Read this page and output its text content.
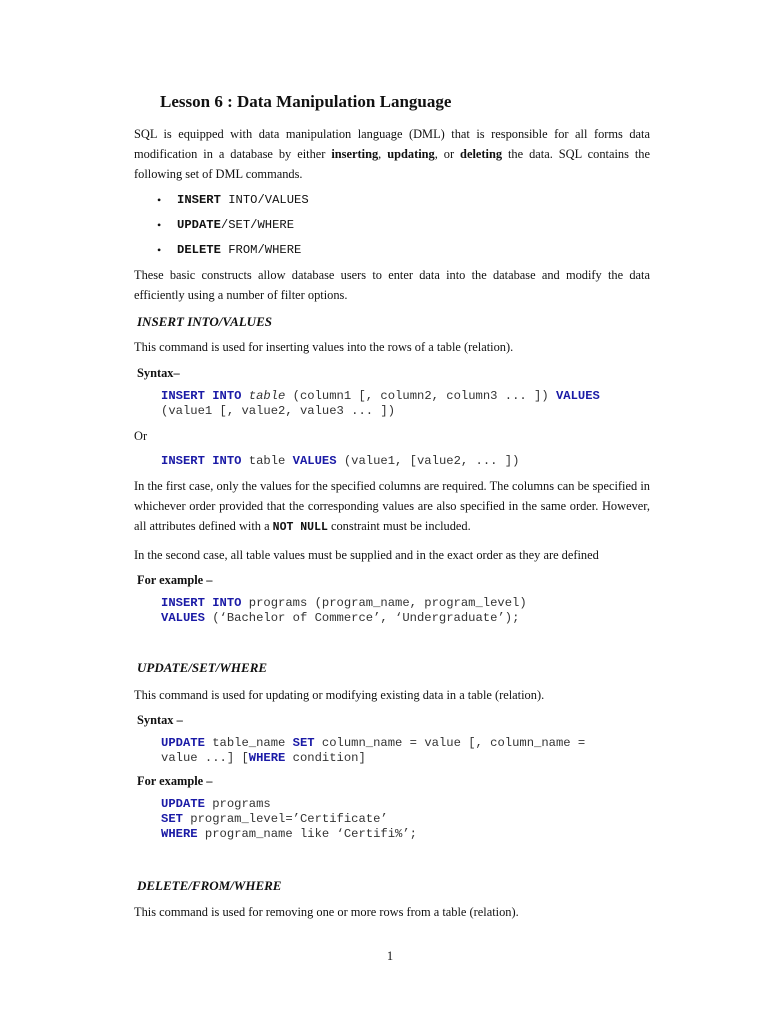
Lesson 6 : Data Manipulation Language
SQL is equipped with data manipulation language (DML) that is responsible for all forms data modification in a database by either inserting, updating, or deleting the data. SQL contains the following set of DML commands.
• INSERT INTO/VALUES
• UPDATE/SET/WHERE
• DELETE FROM/WHERE
These basic constructs allow database users to enter data into the database and modify the data efficiently using a number of filter options.
INSERT INTO/VALUES
This command is used for inserting values into the rows of a table (relation).
Syntax–
INSERT INTO table (column1 [, column2, column3 ... ]) VALUES
(value1 [, value2, value3 ... ])
Or
INSERT INTO table VALUES (value1, [value2, ... ])
In the first case, only the values for the specified columns are required. The columns can be specified in whichever order provided that the corresponding values are also specified in the same order. However, all attributes defined with a NOT NULL constraint must be included.
In the second case, all table values must be supplied and in the exact order as they are defined
For example –
INSERT INTO programs (program_name, program_level)
VALUES (‘Bachelor of Commerce’, ‘Undergraduate’);
UPDATE/SET/WHERE
This command is used for updating or modifying existing data in a table (relation).
Syntax –
UPDATE table_name SET column_name = value [, column_name =
value ...] [WHERE condition]
For example –
UPDATE programs
SET program_level=’Certificate’
WHERE program_name like ‘Certifi%’;
DELETE/FROM/WHERE
This command is used for removing one or more rows from a table (relation).
1
